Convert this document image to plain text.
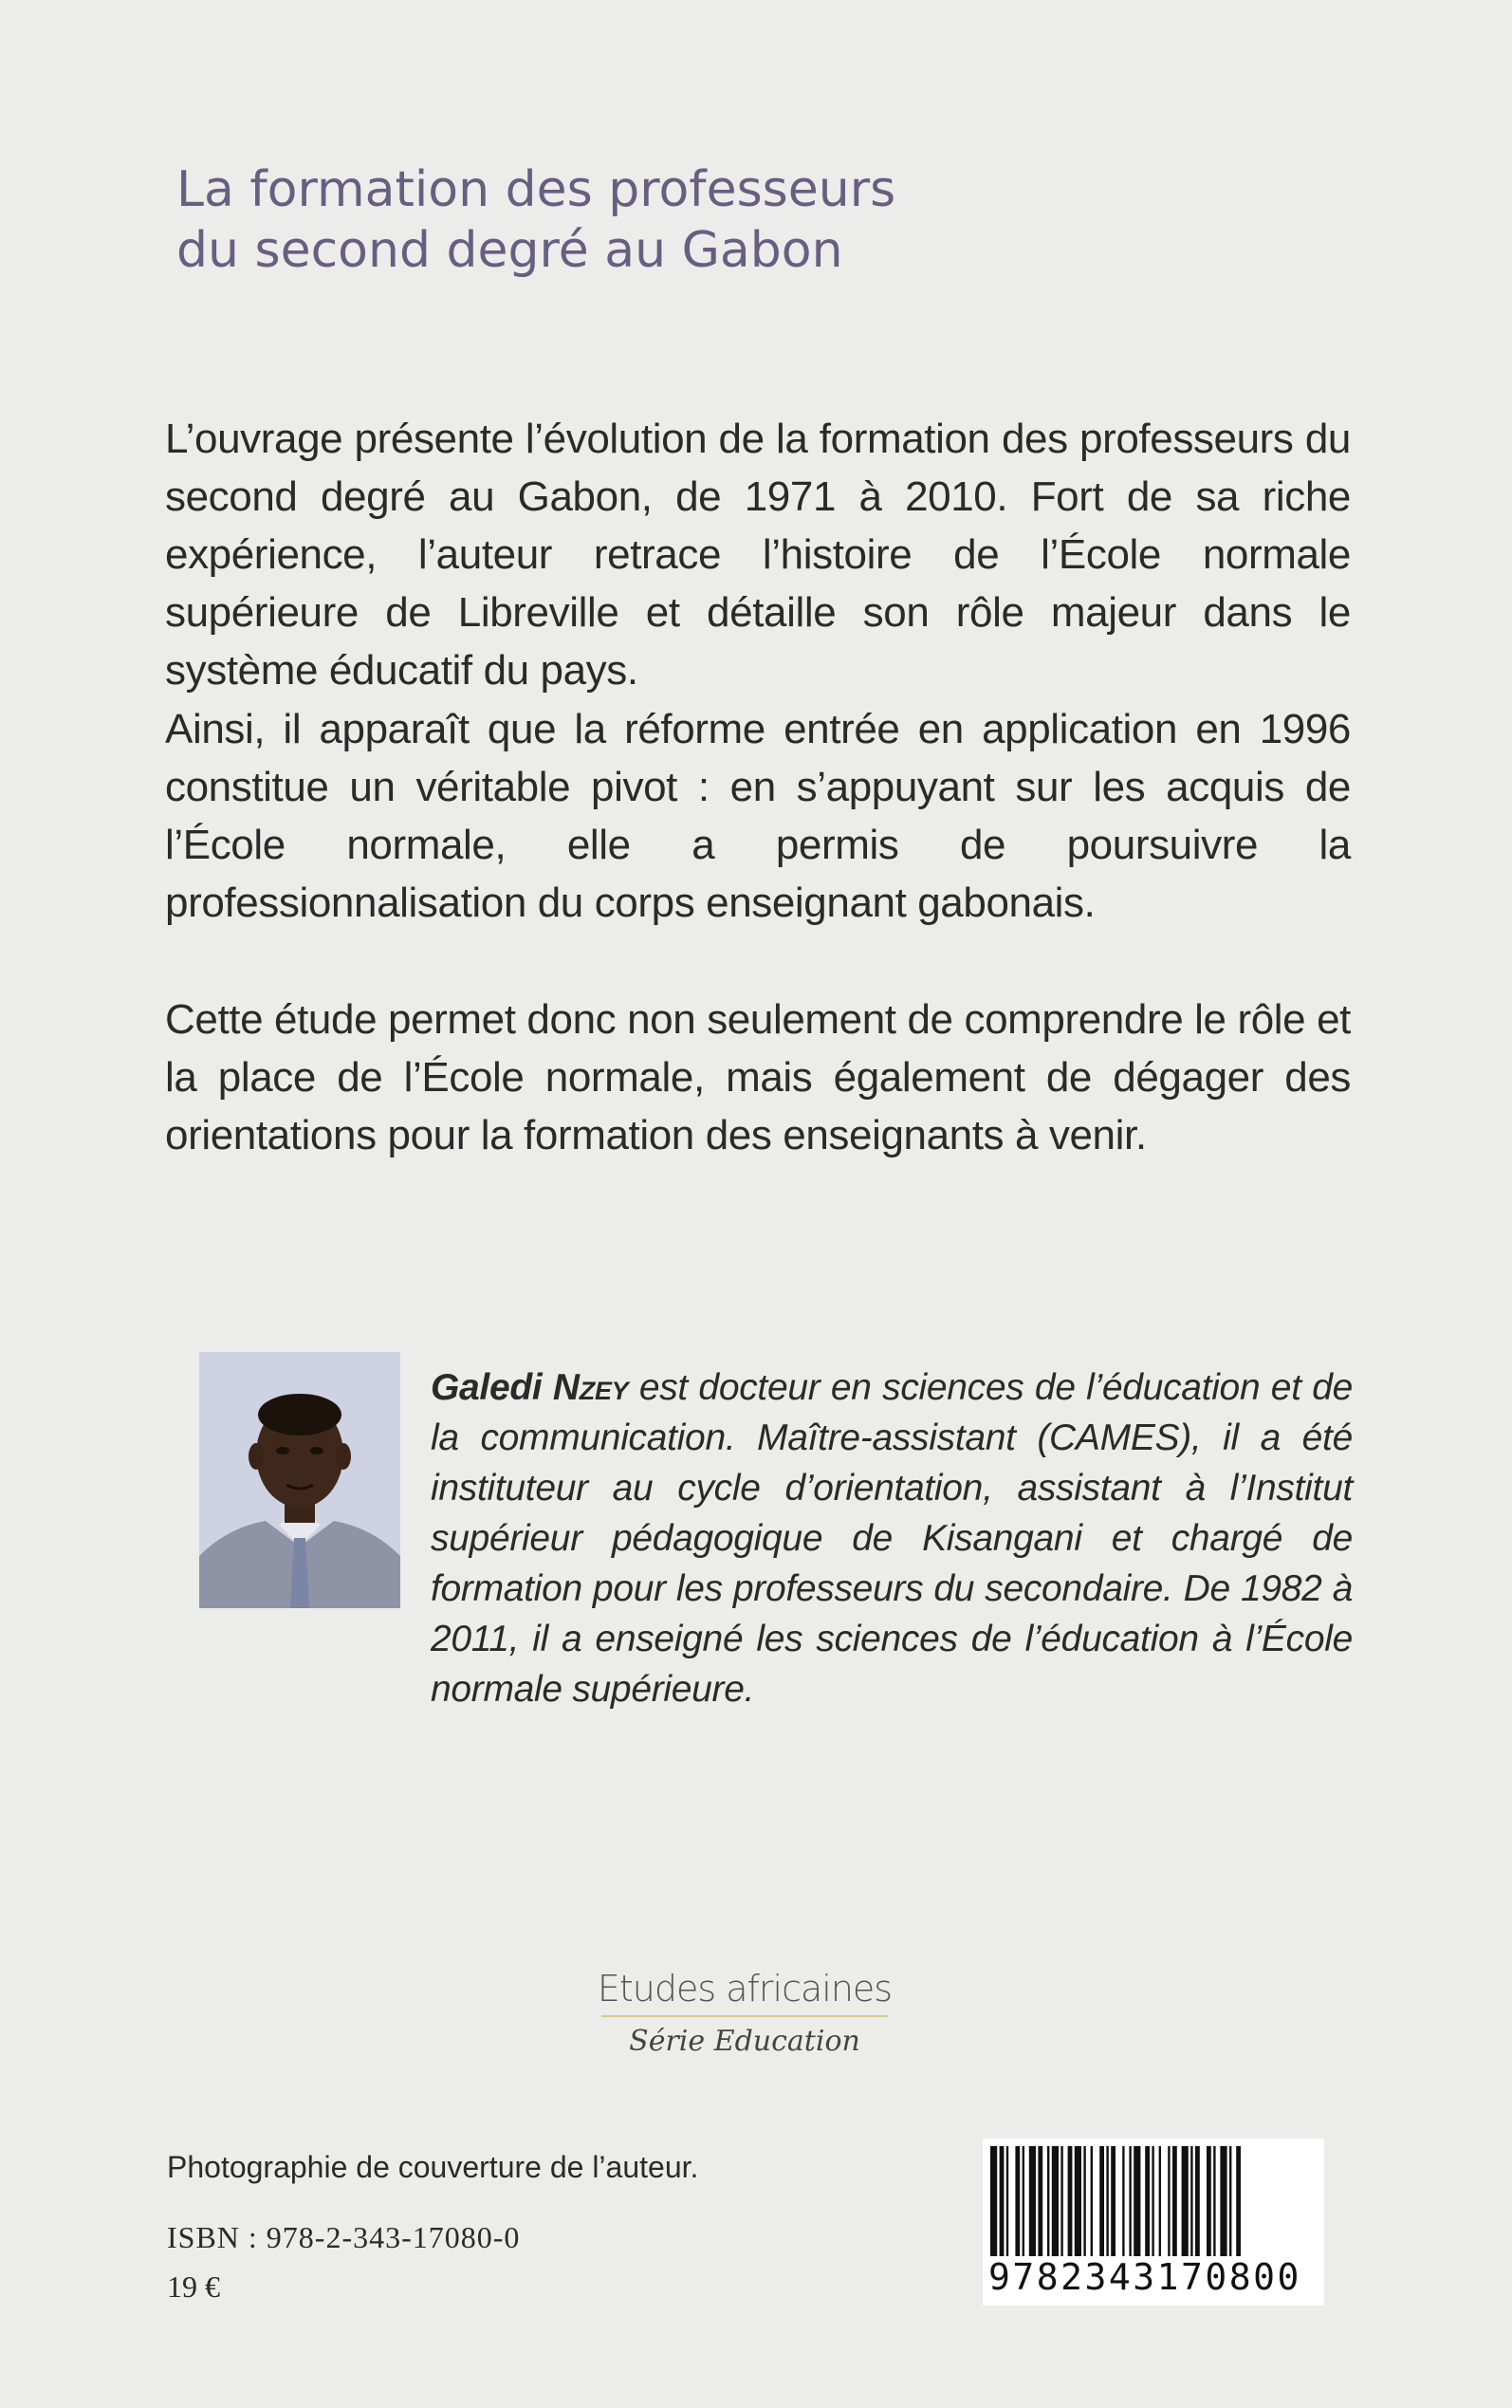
La formation des professeurs
du second degré au Gabon

L’ouvrage présente l’évolution de la formation des professeurs du second degré au Gabon, de 1971 à 2010. Fort de sa riche expérience, l’auteur retrace l’histoire de l’École normale supérieure de Libreville et détaille son rôle majeur dans le système éducatif du pays.

Ainsi, il apparaît que la réforme entrée en application en 1996 constitue un véritable pivot : en s’appuyant sur les acquis de l’École normale, elle a permis de poursuivre la professionnalisation du corps enseignant gabonais.

Cette étude permet donc non seulement de comprendre le rôle et la place de l’École normale, mais également de dégager des orientations pour la formation des enseignants à venir.

Galedi Nzey est docteur en sciences de l’éducation et de la communication. Maître-assistant (CAMES), il a été instituteur au cycle d’orientation, assistant à l’Institut supérieur pédagogique de Kisangani et chargé de formation pour les professeurs du secondaire. De 1982 à 2011, il a enseigné les sciences de l’éducation à l’École normale supérieure.

Etudes africaines
Série Education
Photographie de couverture de l’auteur.
ISBN : 978-2-343-17080-0
19 €	9782343170800
